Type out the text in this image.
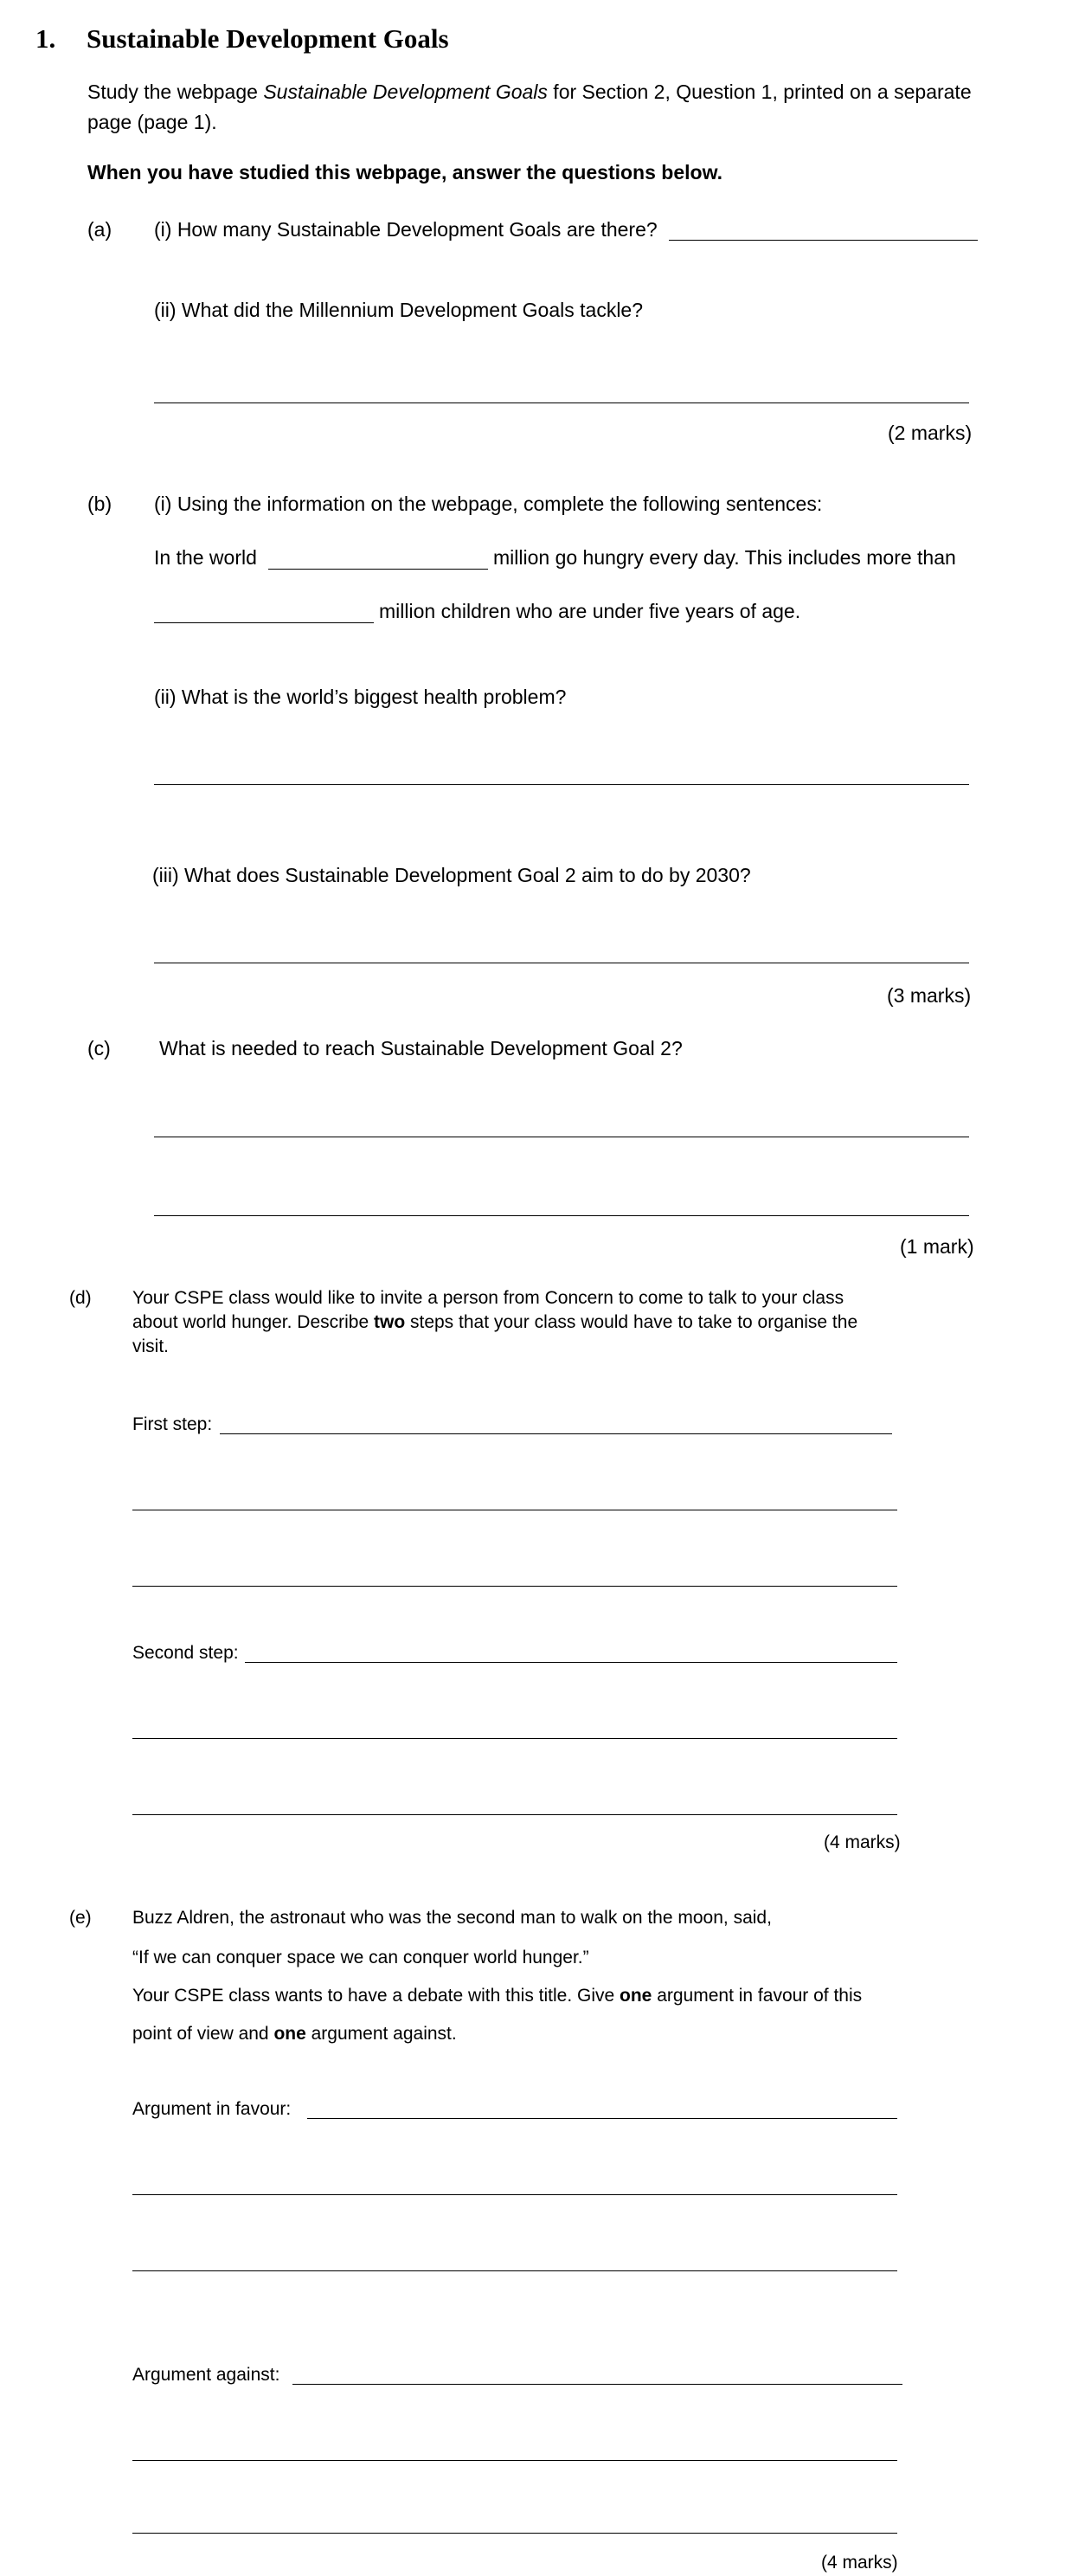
1. Sustainable Development Goals
Study the webpage Sustainable Development Goals for Section 2, Question 1, printed on a separate
page (page 1).
When you have studied this webpage, answer the questions below.
(a) (i) How many Sustainable Development Goals are there?
(ii) What did the Millennium Development Goals tackle?
(2 marks)
(b) (i) Using the information on the webpage, complete the following sentences:
In the world	million go hungry every day. This includes more than
million children who are under five years of age.
(ii) What is the world’s biggest health problem?
(iii) What does Sustainable Development Goal 2 aim to do by 2030?
(3 marks)
(c) What is needed to reach Sustainable Development Goal 2?
(1 mark)
(d) Your CSPE class would like to invite a person from Concern to come to talk to your class
about world hunger. Describe two steps that your class would have to take to organise the
visit.
First step:
Second step:
(4 marks)
(e) Buzz Aldren, the astronaut who was the second man to walk on the moon, said,
“If we can conquer space we can conquer world hunger.”
Your CSPE class wants to have a debate with this title. Give one argument in favour of this
point of view and one argument against.
Argument in favour:
Argument against:
(4 marks)
